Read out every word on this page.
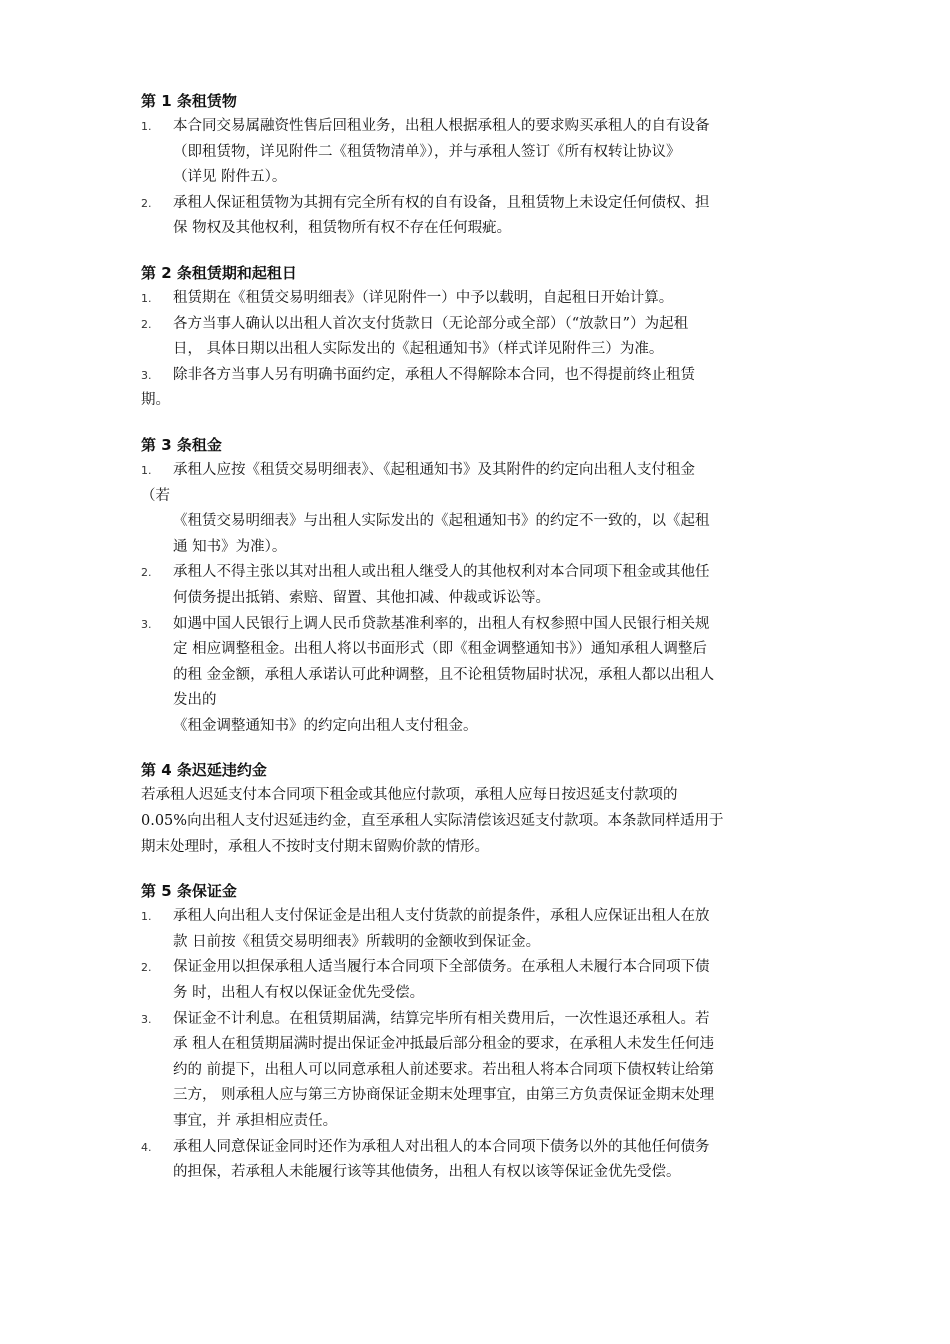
第 1 条租赁物
1.	本合同交易属融资性售后回租业务，出租人根据承租人的要求购买承租人的自有设备
（即租赁物，详见附件二《租赁物清单》），并与承租人签订《所有权转让协议》
（详见 附件五）。
2.	承租人保证租赁物为其拥有完全所有权的自有设备，且租赁物上未设定任何债权、担
保 物权及其他权利，租赁物所有权不存在任何瑕疵。
第 2 条租赁期和起租日
1.	租赁期在《租赁交易明细表》（详见附件一）中予以载明，自起租日开始计算。
2.	各方当事人确认以出租人首次支付货款日（无论部分或全部）（“放款日”）为起租
日， 具体日期以出租人实际发出的《起租通知书》（样式详见附件三）为准。
3.	除非各方当事人另有明确书面约定，承租人不得解除本合同，也不得提前终止租赁
期。
第 3 条租金
1.	承租人应按《租赁交易明细表》、《起租通知书》及其附件的约定向出租人支付租金
（若
《租赁交易明细表》与出租人实际发出的《起租通知书》的约定不一致的，以《起租
通 知书》为准）。
2.	承租人不得主张以其对出租人或出租人继受人的其他权利对本合同项下租金或其他任
何债务提出抵销、索赔、留置、其他扣减、仲裁或诉讼等。
3.	如遇中国人民银行上调人民币贷款基准利率的，出租人有权参照中国人民银行相关规
定 相应调整租金。出租人将以书面形式（即《租金调整通知书》）通知承租人调整后
的租 金金额，承租人承诺认可此种调整，且不论租赁物届时状况，承租人都以出租人
发出的
《租金调整通知书》的约定向出租人支付租金。
第 4 条迟延违约金
若承租人迟延支付本合同项下租金或其他应付款项，承租人应每日按迟延支付款项的
0.05%向出租人支付迟延违约金，直至承租人实际清偿该迟延支付款项。本条款同样适用于
期末处理时，承租人不按时支付期末留购价款的情形。
第 5 条保证金
1.	承租人向出租人支付保证金是出租人支付货款的前提条件，承租人应保证出租人在放
款 日前按《租赁交易明细表》所载明的金额收到保证金。
2.	保证金用以担保承租人适当履行本合同项下全部债务。在承租人未履行本合同项下债
务 时，出租人有权以保证金优先受偿。
3.	保证金不计利息。在租赁期届满，结算完毕所有相关费用后，一次性退还承租人。若
承 租人在租赁期届满时提出保证金冲抵最后部分租金的要求，在承租人未发生任何违
约的 前提下，出租人可以同意承租人前述要求。若出租人将本合同项下债权转让给第
三方， 则承租人应与第三方协商保证金期末处理事宜，由第三方负责保证金期末处理
事宜，并 承担相应责任。
4.	承租人同意保证金同时还作为承租人对出租人的本合同项下债务以外的其他任何债务
的担保，若承租人未能履行该等其他债务，出租人有权以该等保证金优先受偿。
